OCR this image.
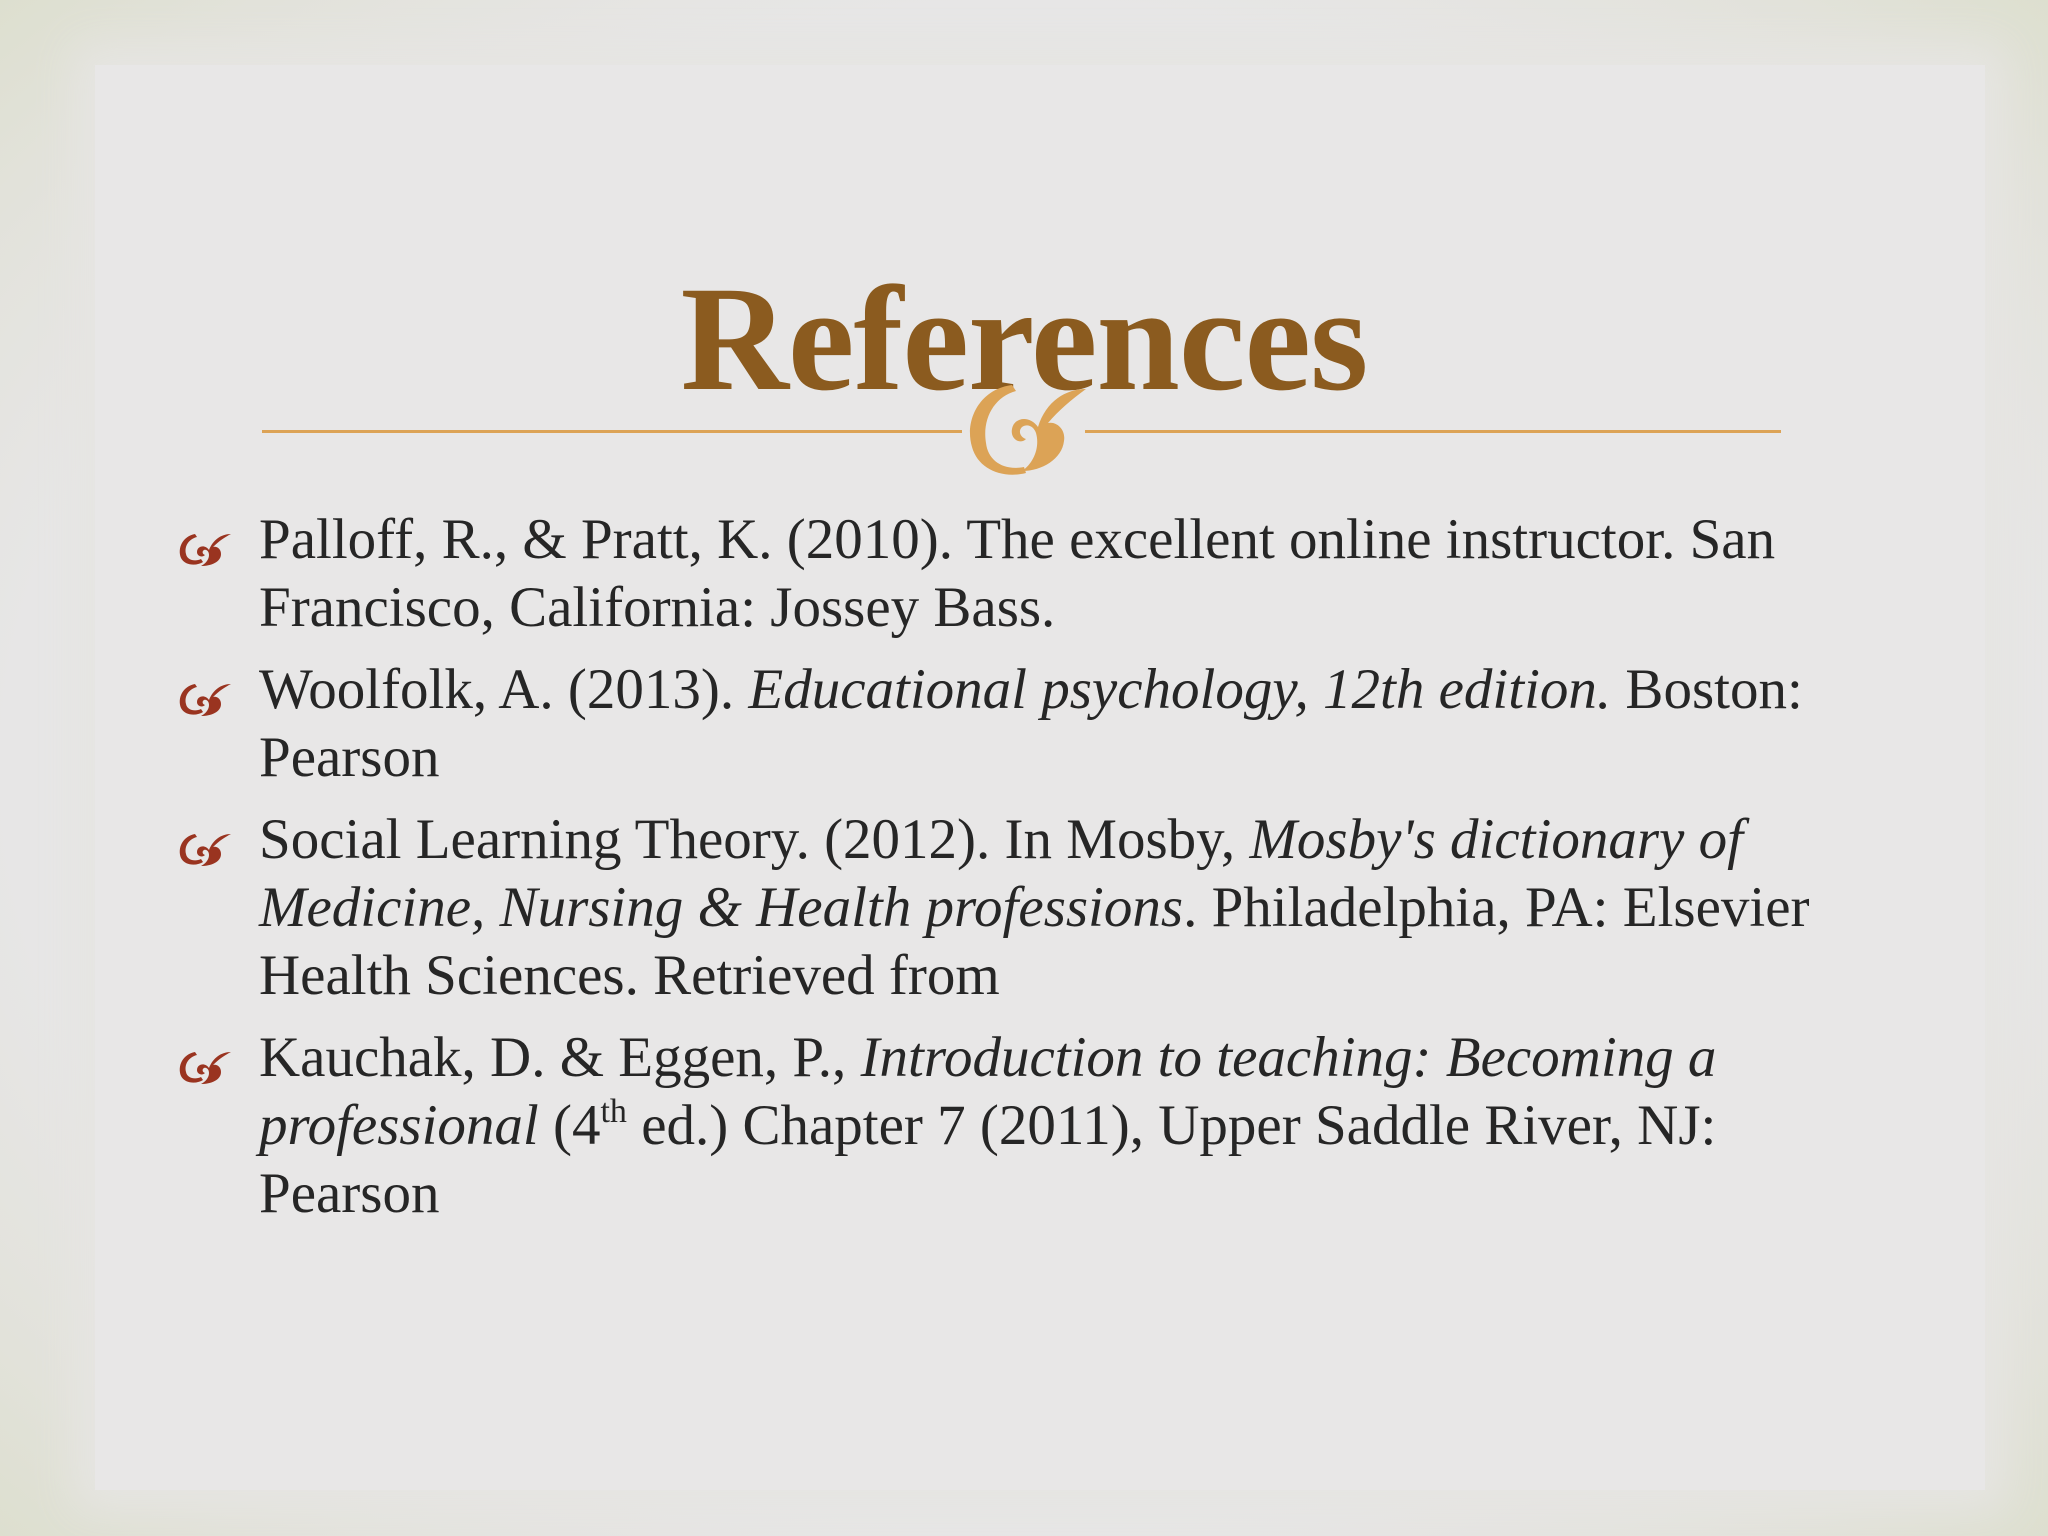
References
Palloff, R., & Pratt, K. (2010). The excellent online instructor. San Francisco, California: Jossey Bass.
Woolfolk, A. (2013). Educational psychology, 12th edition. Boston: Pearson
Social Learning Theory. (2012). In Mosby, Mosby's dictionary of Medicine, Nursing & Health professions. Philadelphia, PA: Elsevier Health Sciences. Retrieved from
Kauchak, D. & Eggen, P., Introduction to teaching: Becoming a professional (4th ed.) Chapter 7 (2011), Upper Saddle River, NJ: Pearson
